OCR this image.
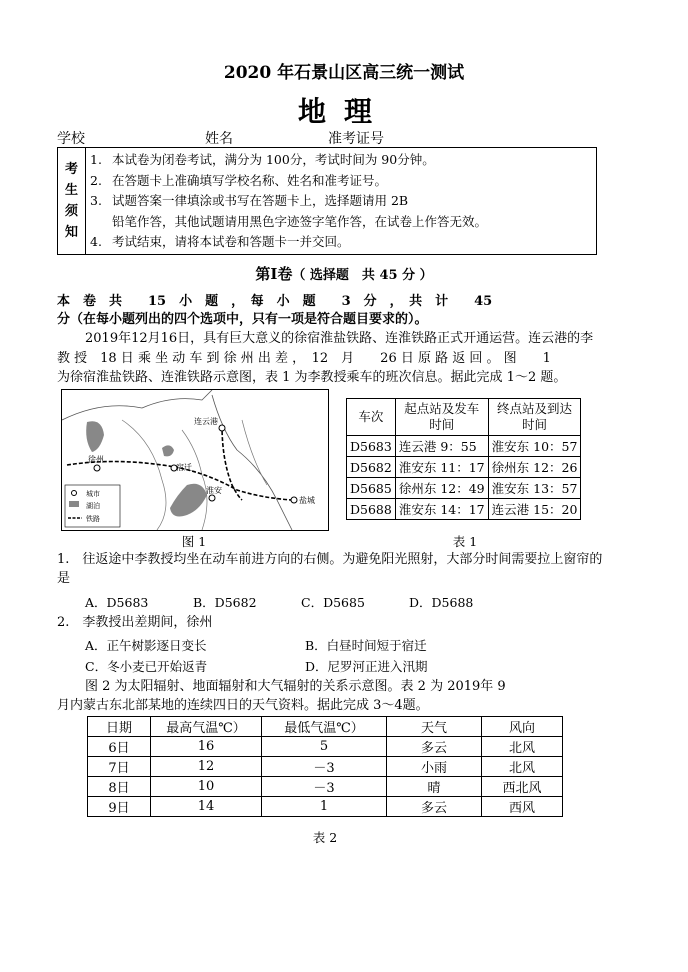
2020 年石景山区高三统一测试
地理
学校	姓名	准考证号
考
生
须
知
1. 本试卷为闭卷考试，满分为 100分，考试时间为 90分钟。
2. 在答题卡上准确填写学校名称、姓名和准考证号。
3. 试题答案一律填涂或书写在答题卡上，选择题请用 2B
铅笔作答，其他试题请用黑色字迹签字笔作答，在试卷上作答无效。
4. 考试结束，请将本试卷和答题卡一并交回。
第Ⅰ卷（ 选择题　共 45 分 ）
本　卷　共　　15　小　题　，　每　小　题　　3　分　，　共　计　　45
分（在每小题列出的四个选项中，只有一项是符合题目要求的）。
2019年12月16日，具有巨大意义的徐宿淮盐铁路、连淮铁路正式开通运营。连云港的李
教 授　18 日 乘 坐 动 车 到 徐 州 出 差 ，　12　月　　26 日 原 路 返 回 。 图　　1
为徐宿淮盐铁路、连淮铁路示意图，表 1 为李教授乘车的班次信息。据此完成 1～2 题。
连云港
徐州
宿迁
淮安
盐城
城市
湖泊
铁路
图 1
车次	起点站及发车时间	终点站及到达时间
D5683	连云港 9：55	淮安东 10：57
D5682	淮安东 11：17	徐州东 12：26
D5685	徐州东 12：49	淮安东 13：57
D5688	淮安东 14：17	连云港 15：20
表 1
1.　往返途中李教授均坐在动车前进方向的右侧。为避免阳光照射，大部分时间需要拉上窗帘的
是
A．D5683	B．D5682	C．D5685	D．D5688
2.　李教授出差期间，徐州
A．正午树影逐日变长	B．白昼时间短于宿迁
C．冬小麦已开始返青	D．尼罗河正进入汛期
图 2 为太阳辐射、地面辐射和大气辐射的关系示意图。表 2 为 2019年 9
月内蒙古东北部某地的连续四日的天气资料。据此完成 3～4题。
日期	最高气温℃）	最低气温℃）	天气	风向
6日	16	5	多云	北风
7日	12	－3	小雨	北风
8日	10	－3	晴	西北风
9日	14	1	多云	西风
表 2
